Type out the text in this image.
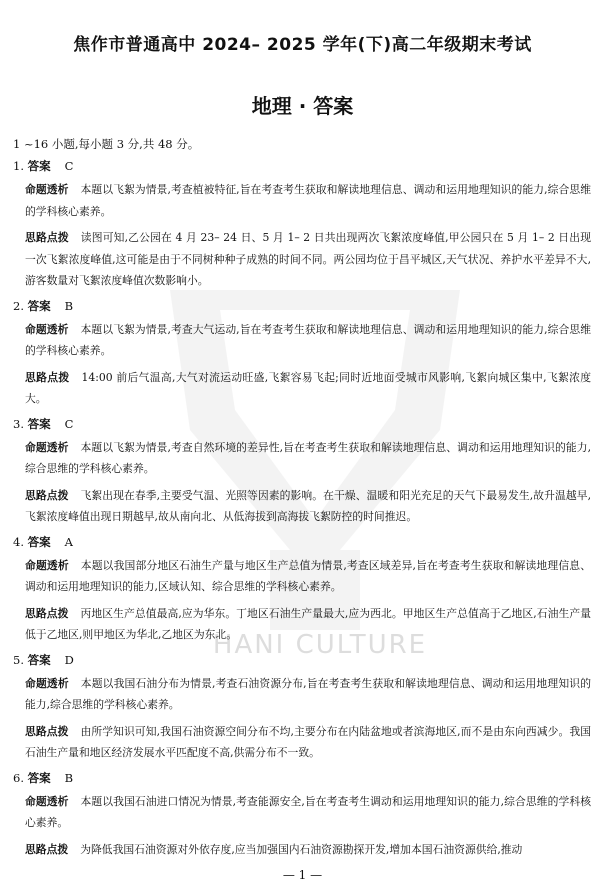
HANI CULTURE
焦作市普通高中 2024– 2025 学年(下)高二年级期末考试
地理 · 答案
1 ~16 小题,每小题 3 分,共 48 分。
1. 答案 C
命题透析 本题以飞絮为情景,考查植被特征,旨在考查考生获取和解读地理信息、调动和运用地理知识的能力,综合思维的学科核心素养。
思路点拨 读图可知,乙公园在 4 月 23– 24 日、5 月 1– 2 日共出现两次飞絮浓度峰值,甲公园只在 5 月 1– 2 日出现一次飞絮浓度峰值,这可能是由于不同树种种子成熟的时间不同。两公园均位于昌平城区,天气状况、养护水平差异不大,游客数量对飞絮浓度峰值次数影响小。
2. 答案 B
命题透析 本题以飞絮为情景,考查大气运动,旨在考查考生获取和解读地理信息、调动和运用地理知识的能力,综合思维的学科核心素养。
思路点拨 14:00 前后气温高,大气对流运动旺盛,飞絮容易飞起;同时近地面受城市风影响,飞絮向城区集中,飞絮浓度大。
3. 答案 C
命题透析 本题以飞絮为情景,考查自然环境的差异性,旨在考查考生获取和解读地理信息、调动和运用地理知识的能力,综合思维的学科核心素养。
思路点拨 飞絮出现在春季,主要受气温、光照等因素的影响。在干燥、温暖和阳光充足的天气下最易发生,故升温越早,飞絮浓度峰值出现日期越早,故从南向北、从低海拔到高海拔飞絮防控的时间推迟。
4. 答案 A
命题透析 本题以我国部分地区石油生产量与地区生产总值为情景,考查区域差异,旨在考查考生获取和解读地理信息、调动和运用地理知识的能力,区域认知、综合思维的学科核心素养。
思路点拨 丙地区生产总值最高,应为华东。丁地区石油生产量最大,应为西北。甲地区生产总值高于乙地区,石油生产量低于乙地区,则甲地区为华北,乙地区为东北。
5. 答案 D
命题透析 本题以我国石油分布为情景,考查石油资源分布,旨在考查考生获取和解读地理信息、调动和运用地理知识的能力,综合思维的学科核心素养。
思路点拨 由所学知识可知,我国石油资源空间分布不均,主要分布在内陆盆地或者滨海地区,而不是由东向西减少。我国石油生产量和地区经济发展水平匹配度不高,供需分布不一致。
6. 答案 B
命题透析 本题以我国石油进口情况为情景,考查能源安全,旨在考查考生调动和运用地理知识的能力,综合思维的学科核心素养。
思路点拨 为降低我国石油资源对外依存度,应当加强国内石油资源勘探开发,增加本国石油资源供给,推动
— 1 —
